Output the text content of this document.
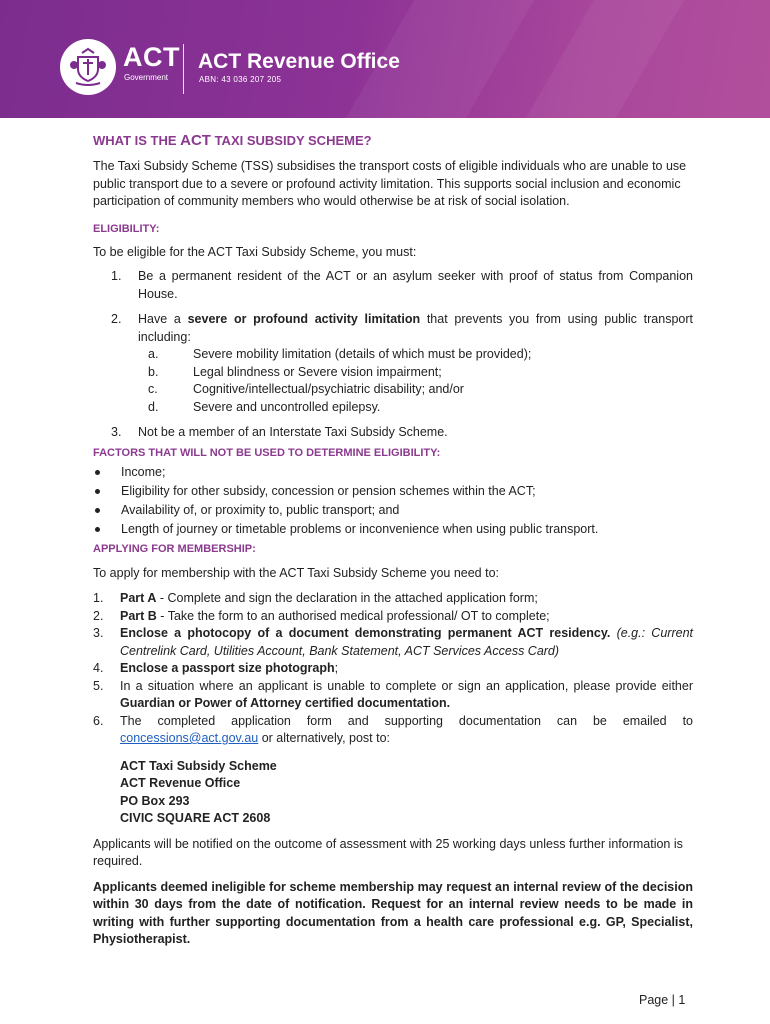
ACT
Government
ACT Revenue Office
ABN: 43 036 207 205
WHAT IS THE ACT TAXI SUBSIDY SCHEME?

The Taxi Subsidy Scheme (TSS) subsidises the transport costs of eligible individuals who are unable to use public transport due to a severe or profound activity limitation. This supports social inclusion and economic participation of community members who would otherwise be at risk of social isolation.

ELIGIBILITY:

To be eligible for the ACT Taxi Subsidy Scheme, you must:

1. Be a permanent resident of the ACT or an asylum seeker with proof of status from Companion House.
2. Have a severe or profound activity limitation that prevents you from using public transport including:
a.	Severe mobility limitation (details of which must be provided);
b.	Legal blindness or Severe vision impairment;
c.	Cognitive/intellectual/psychiatric disability; and/or
d.	Severe and uncontrolled epilepsy.
3. Not be a member of an Interstate Taxi Subsidy Scheme.
FACTORS THAT WILL NOT BE USED TO DETERMINE ELIGIBILITY:
Income;
Eligibility for other subsidy, concession or pension schemes within the ACT;
Availability of, or proximity to, public transport; and
Length of journey or timetable problems or inconvenience when using public transport.
APPLYING FOR MEMBERSHIP:

To apply for membership with the ACT Taxi Subsidy Scheme you need to:

1. Part A - Complete and sign the declaration in the attached application form;
2. Part B - Take the form to an authorised medical professional/ OT to complete;
3. Enclose a photocopy of a document demonstrating permanent ACT residency. (e.g.: Current Centrelink Card, Utilities Account, Bank Statement, ACT Services Access Card)
4. Enclose a passport size photograph;
5. In a situation where an applicant is unable to complete or sign an application, please provide either Guardian or Power of Attorney certified documentation.
6. The completed application form and supporting documentation can be emailed to concessions@act.gov.au or alternatively, post to:
ACT Taxi Subsidy Scheme
ACT Revenue Office
PO Box 293
CIVIC SQUARE ACT 2608

Applicants will be notified on the outcome of assessment with 25 working days unless further information is required.

Applicants deemed ineligible for scheme membership may request an internal review of the decision within 30 days from the date of notification. Request for an internal review needs to be made in writing with further supporting documentation from a health care professional e.g. GP, Specialist, Physiotherapist.

Page | 1
